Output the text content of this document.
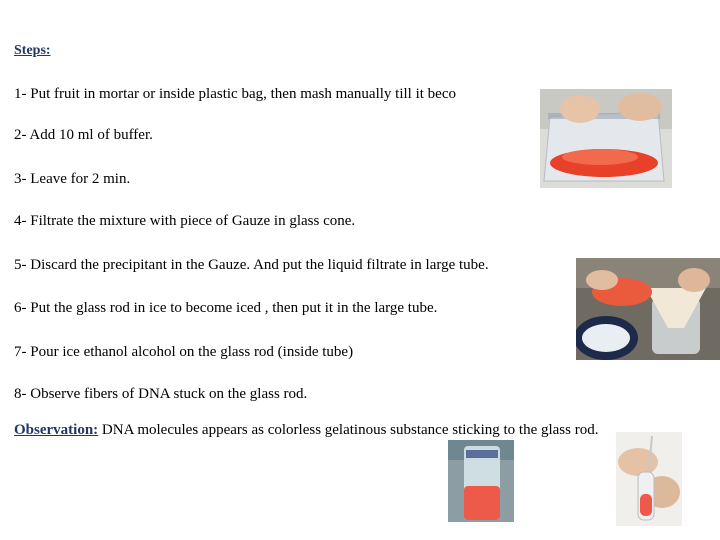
Steps:
1- Put fruit in mortar or inside plastic bag, then mash manually till it beco
2- Add 10 ml of buffer.
3- Leave for 2 min.
4- Filtrate the mixture with piece of Gauze in glass cone.
5- Discard the precipitant in the Gauze. And put the liquid filtrate in large tube.
6- Put the glass rod in ice to become iced , then put it in the large tube.
7- Pour ice ethanol alcohol on the glass rod (inside tube)
8- Observe fibers of DNA stuck on the glass rod.
Observation: DNA molecules appears as colorless gelatinous substance sticking to the glass rod.
